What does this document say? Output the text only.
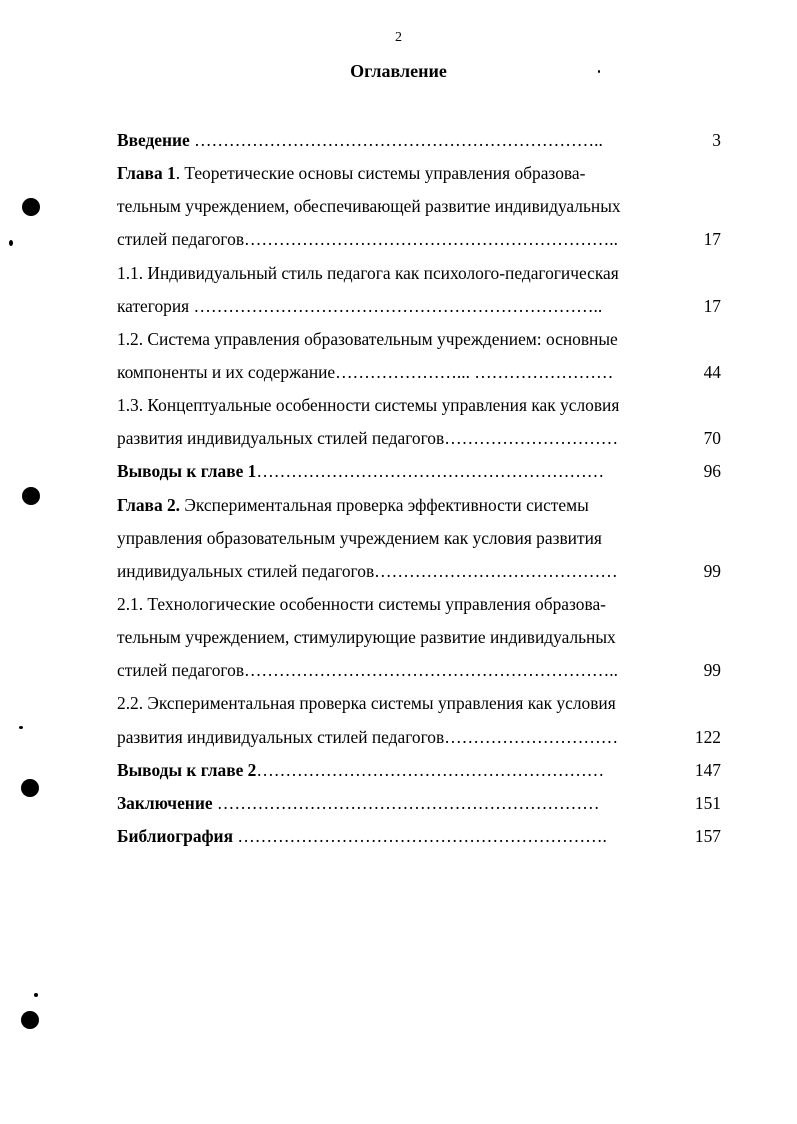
2
Оглавление
Введение ……………………………………………………………..	3
Глава 1. Теоретические основы системы управления образова-
тельным учреждением, обеспечивающей развитие индивидуальных
стилей педагогов………………………………………………………..	17
1.1. Индивидуальный стиль педагога как психолого-педагогическая
категория ……………………………………………………………..	17
1.2. Система управления образовательным учреждением: основные
компоненты и их содержание…………………... ……………………	44
1.3. Концептуальные особенности системы управления как условия
развития индивидуальных стилей педагогов…………………………	70
Выводы к главе 1……………………………………………………	96
Глава 2. Экспериментальная проверка эффективности системы
управления образовательным учреждением как условия развития
индивидуальных стилей педагогов……………………………………	99
2.1. Технологические особенности системы управления образова-
тельным учреждением, стимулирующие развитие индивидуальных
стилей педагогов………………………………………………………..	99
2.2. Экспериментальная проверка системы управления как условия
развития индивидуальных стилей педагогов…………………………	122
Выводы к главе 2……………………………………………………	147
Заключение …………………………………………………………	151
Библиография ……………………………………………………….	157
